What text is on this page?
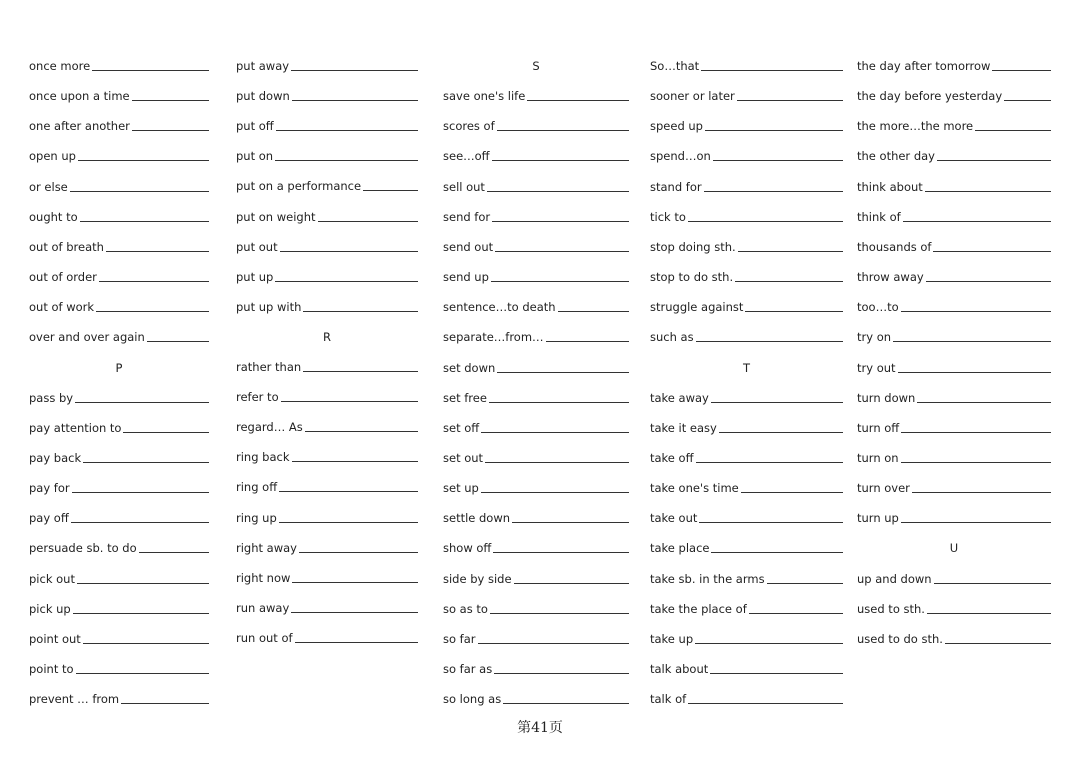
once more
once upon a time
one after another
open up
or else
ought to
out of breath
out of order
out of work
over and over again
P
pass by
pay attention to
pay back
pay for
pay off
persuade sb. to do
pick out
pick up
point out
point to
prevent … from
put away
put down
put off
put on
put on a performance
put on weight
put out
put up
put up with
R
rather than
refer to
regard… As
ring back
ring off
ring up
right away
right now
run away
run out of
S
save one's life
scores of
see…off
sell out
send for
send out
send up
sentence…to death
separate…from…
set down
set free
set off
set out
set up
settle down
show off
side by side
so as to
so far
so far as
so long as
So…that
sooner or later
speed up
spend…on
stand for
tick to
stop doing sth.
stop to do sth.
struggle against
such as
T
take away
take it easy
take off
take one's time
take out
take place
take sb. in the arms
take the place of
take up
talk about
talk of
the day after tomorrow
the day before yesterday
the more…the more
the other day
think about
think of
thousands of
throw away
too…to
try on
try out
turn down
turn off
turn on
turn over
turn up
U
up and down
used to sth.
used to do sth.
第41页
